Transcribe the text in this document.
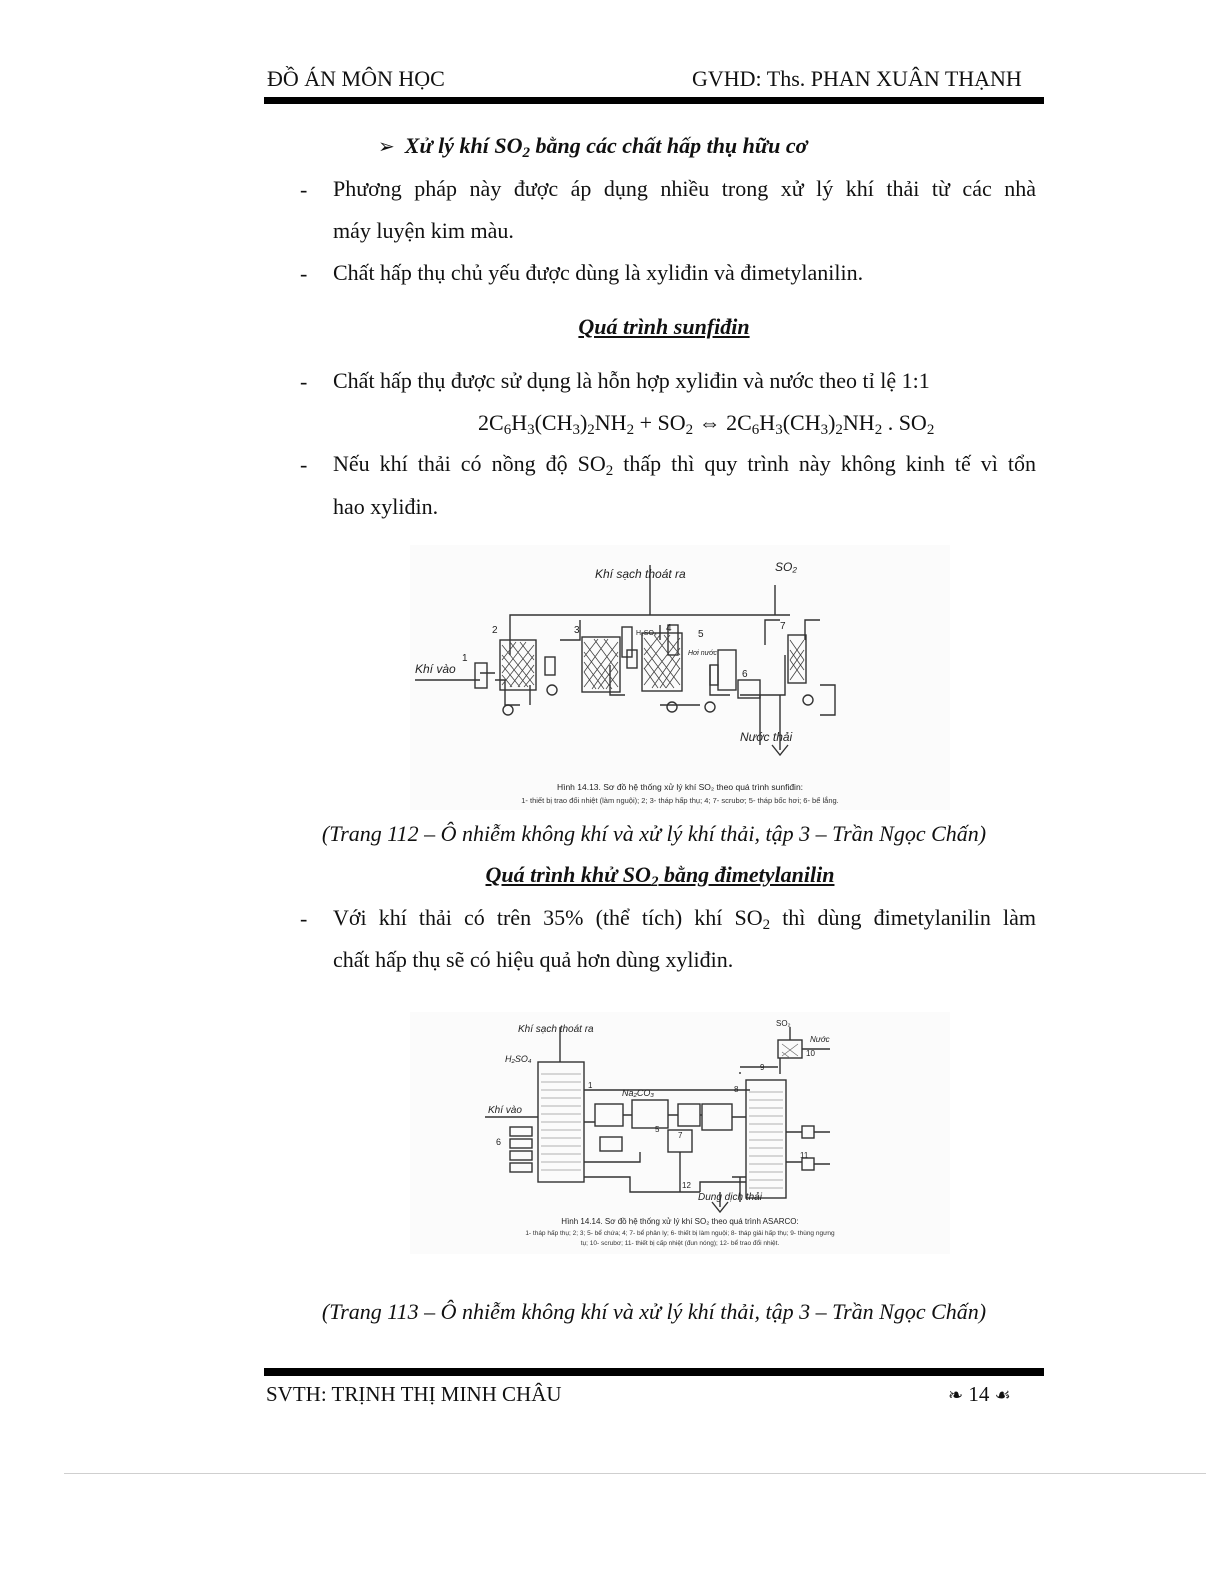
ĐỒ ÁN MÔN HỌC	GVHD: Ths. PHAN XUÂN THẠNH
➢ Xử lý khí $SO_2$ bằng các chất hấp thụ hữu cơ
- Phương pháp này được áp dụng nhiều trong xử lý khí thải từ các nhà
máy luyện kim màu.
- Chất hấp thụ chủ yếu được dùng là xyliđin và đimetylanilin.
Quá trình sunfiđin
- Chất hấp thụ được sử dụng là hỗn hợp xyliđin và nước theo tỉ lệ 1:1
$2C_6H_3(CH_3)_2NH_2 + SO_2$ ⇔ $2C_6H_3(CH_3)_2NH_2$ . $SO_2$
- Nếu khí thải có nồng độ $SO_2$ thấp thì quy trình này không kinh tế vì tổn
hao xyliđin.
Khí sạch thoát ra	SO₂
Khí vào
Nước thải
Hơi nước
H₂SO₄
1
2	3	4
5
6
7
Hình 14.13. Sơ đồ hệ thống xử lý khí SO₂ theo quá trình sunfiđin:
1- thiết bị trao đổi nhiệt (làm nguội); 2; 3- tháp hấp thụ; 4; 7- scrubơ; 5- tháp bốc hơi; 6- bể lắng.
(Trang 112 – Ô nhiễm không khí và xử lý khí thải, tập 3 – Trần Ngọc Chấn)
Quá trình khử $SO_2$ bằng đimetylanilin
- Với khí thải có trên 35% (thể tích) khí $SO_2$ thì dùng đimetylanilin làm
chất hấp thụ sẽ có hiệu quả hơn dùng xyliđin.
Khí sạch thoát ra
H₂SO₄
Khí vào
Na₂CO₃
SO₂
Nước
Dung dịch thải
1
6
5
7
8
9
10
11
12
Hình 14.14. Sơ đồ hệ thống xử lý khí SO₂ theo quá trình ASARCO:
1- tháp hấp thụ; 2; 3; 5- bể chứa; 4; 7- bể phân ly; 6- thiết bị làm nguội; 8- tháp giải hấp thụ; 9- thùng ngưng
tụ; 10- scrubơ; 11- thiết bị cấp nhiệt (đun nóng); 12- bể trao đổi nhiệt.
(Trang 113 – Ô nhiễm không khí và xử lý khí thải, tập 3 – Trần Ngọc Chấn)
SVTH: TRỊNH THỊ MINH CHÂU	❧ 14 ☙
